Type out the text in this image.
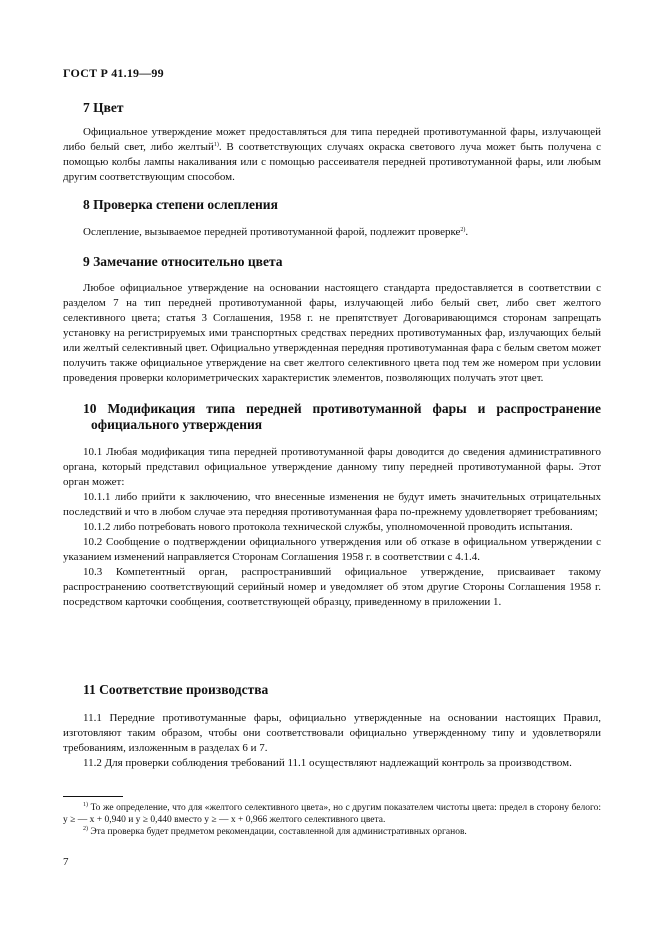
ГОСТ Р 41.19—99
7 Цвет
Официальное утверждение может предоставляться для типа передней противотуманной фары, излучающей либо белый свет, либо желтый$^{1)}$. В соответствующих случаях окраска светового луча может быть получена с помощью колбы лампы накаливания или с помощью рассеивателя передней противотуманной фары, или любым другим соответствующим способом.
8 Проверка степени ослепления
Ослепление, вызываемое передней противотуманной фарой, подлежит проверке$^{2)}$.
9 Замечание относительно цвета
Любое официальное утверждение на основании настоящего стандарта предоставляется в соответствии с разделом 7 на тип передней противотуманной фары, излучающей либо белый свет, либо свет желтого селективного цвета; статья 3 Соглашения, 1958 г. не препятствует Договаривающимся сторонам запрещать установку на регистрируемых ими транспортных средствах передних противотуманных фар, излучающих белый или желтый селективный цвет. Официально утвержденная передняя противотуманная фара с белым светом может получить также официальное утверждение на свет желтого селективного цвета под тем же номером при условии проведения проверки колориметрических характеристик элементов, позволяющих получать этот цвет.
10 Модификация типа передней противотуманной фары и распространение
официального утверждения
10.1 Любая модификация типа передней противотуманной фары доводится до сведения административного органа, который представил официальное утверждение данному типу передней противотуманной фары. Этот орган может:
10.1.1 либо прийти к заключению, что внесенные изменения не будут иметь значительных отрицательных последствий и что в любом случае эта передняя противотуманная фара по-прежнему удовлетворяет требованиям;
10.1.2 либо потребовать нового протокола технической службы, уполномоченной проводить испытания.
10.2 Сообщение о подтверждении официального утверждения или об отказе в официальном утверждении с указанием изменений направляется Сторонам Соглашения 1958 г. в соответствии с 4.1.4.
10.3 Компетентный орган, распространивший официальное утверждение, присваивает такому распространению соответствующий серийный номер и уведомляет об этом другие Стороны Соглашения 1958 г. посредством карточки сообщения, соответствующей образцу, приведенному в приложении 1.
11 Соответствие производства
11.1 Передние противотуманные фары, официально утвержденные на основании настоящих Правил, изготовляют таким образом, чтобы они соответствовали официально утвержденному типу и удовлетворяли требованиям, изложенным в разделах 6 и 7.
11.2 Для проверки соблюдения требований 11.1 осуществляют надлежащий контроль за производством.
$^{1)}$ То же определение, что для «желтого селективного цвета», но с другим показателем чистоты цвета: предел в сторону белого: y ≥ — x + 0,940 и y ≥ 0,440 вместо y ≥ — x + 0,966 желтого селективного цвета.
$^{2)}$ Эта проверка будет предметом рекомендации, составленной для административных органов.
7
